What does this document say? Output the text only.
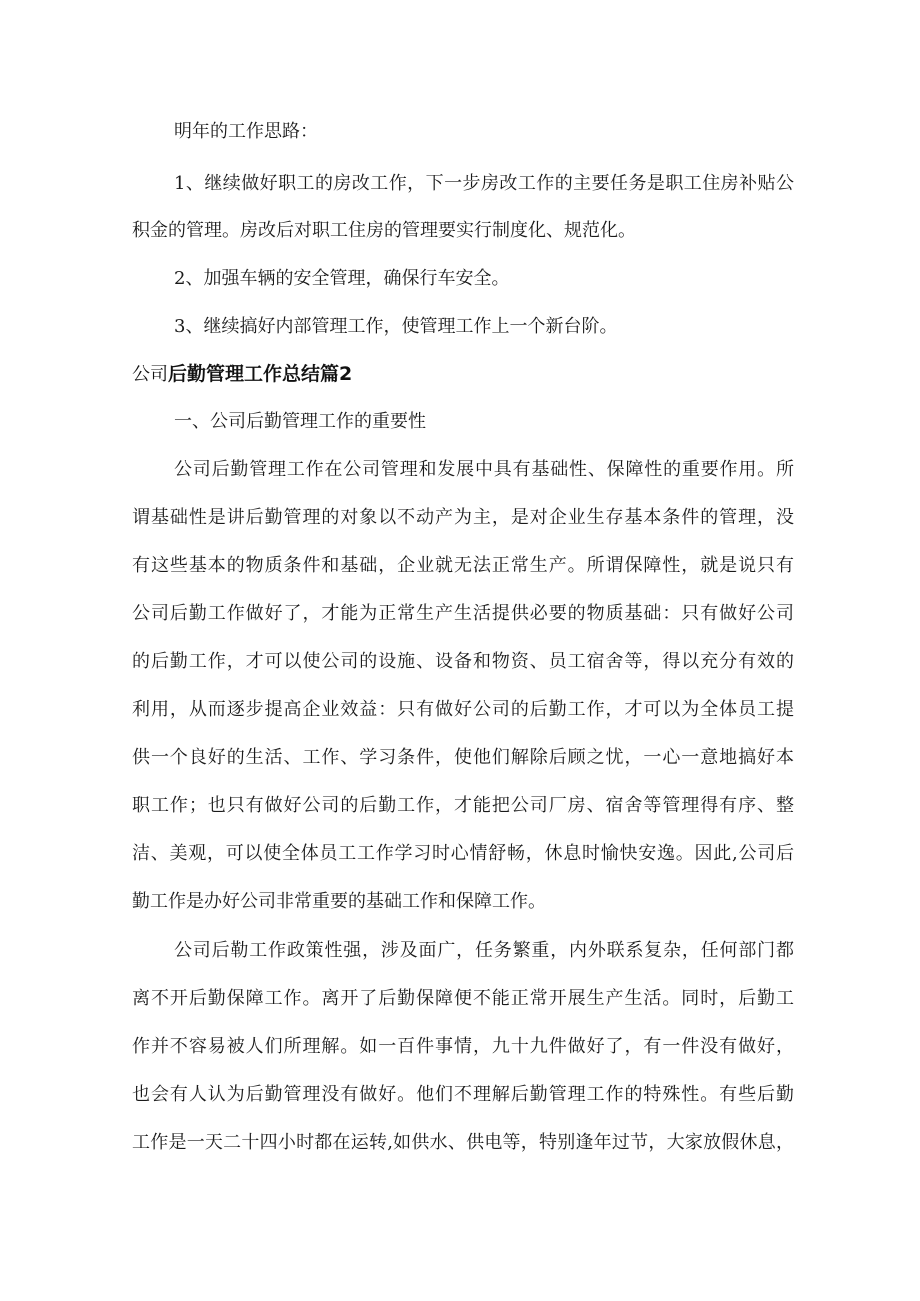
明年的工作思路：
1、继续做好职工的房改工作，下一步房改工作的主要任务是职工住房补贴公
积金的管理。房改后对职工住房的管理要实行制度化、规范化。
2、加强车辆的安全管理，确保行车安全。
3、继续搞好内部管理工作，使管理工作上一个新台阶。
公司后勤管理工作总结篇2
一、公司后勤管理工作的重要性
公司后勤管理工作在公司管理和发展中具有基础性、保障性的重要作用。所
谓基础性是讲后勤管理的对象以不动产为主，是对企业生存基本条件的管理，没
有这些基本的物质条件和基础，企业就无法正常生产。所谓保障性，就是说只有
公司后勤工作做好了，才能为正常生产生活提供必要的物质基础：只有做好公司
的后勤工作，才可以使公司的设施、设备和物资、员工宿舍等，得以充分有效的
利用，从而逐步提高企业效益：只有做好公司的后勤工作，才可以为全体员工提
供一个良好的生活、工作、学习条件，使他们解除后顾之忧，一心一意地搞好本
职工作；也只有做好公司的后勤工作，才能把公司厂房、宿舍等管理得有序、整
洁、美观，可以使全体员工工作学习时心情舒畅，休息时愉快安逸。因此,公司后
勤工作是办好公司非常重要的基础工作和保障工作。
公司后勒工作政策性强，涉及面广，任务繁重，内外联系复杂，任何部门都
离不开后勤保障工作。离开了后勤保障便不能正常开展生产生活。同时，后勤工
作并不容易被人们所理解。如一百件事情，九十九件做好了，有一件没有做好，
也会有人认为后勤管理没有做好。他们不理解后勤管理工作的特殊性。有些后勤
工作是一天二十四小时都在运转,如供水、供电等，特别逢年过节，大家放假休息，
